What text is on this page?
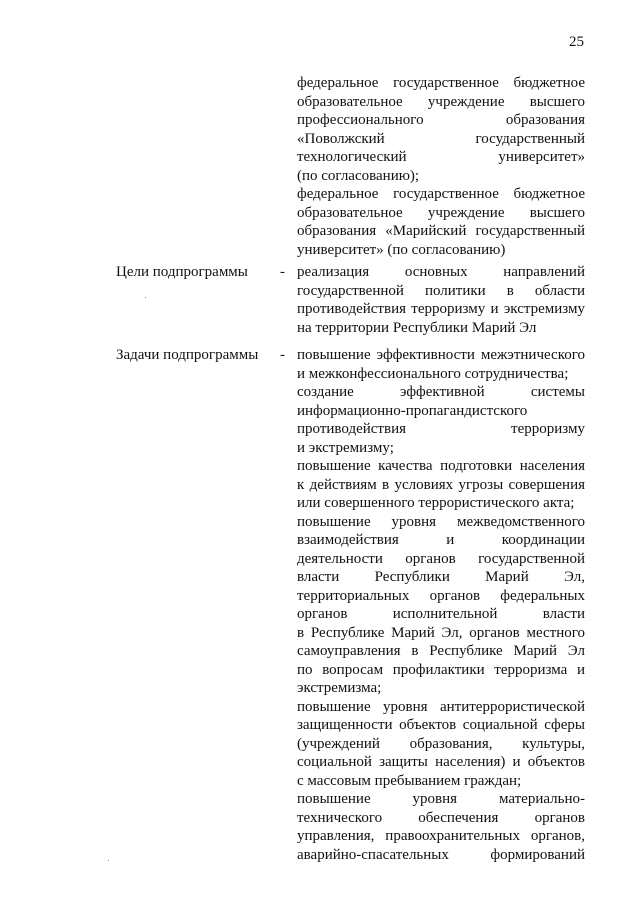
25
федеральное государственное бюджетное
образовательное учреждение высшего
профессионального образования
«Поволжский государственный
технологический университет»
(по согласованию);
федеральное государственное бюджетное
образовательное учреждение высшего
образования «Марийский государственный
университет» (по согласованию)
Цели подпрограммы - реализация основных направлений
государственной политики в области
противодействия терроризму и экстремизму
на территории Республики Марий Эл
Задачи подпрограммы - повышение эффективности межэтнического
и межконфессионального сотрудничества;
создание эффективной системы
информационно-пропагандистского
противодействия терроризму
и экстремизму;
повышение качества подготовки населения
к действиям в условиях угрозы совершения
или совершенного террористического акта;
повышение уровня межведомственного
взаимодействия и координации
деятельности органов государственной
власти Республики Марий Эл,
территориальных органов федеральных
органов исполнительной власти
в Республике Марий Эл, органов местного
самоуправления в Республике Марий Эл
по вопросам профилактики терроризма и
экстремизма;
повышение уровня антитеррористической
защищенности объектов социальной сферы
(учреждений образования, культуры,
социальной защиты населения) и объектов
с массовым пребыванием граждан;
повышение уровня материально-
технического обеспечения органов
управления, правоохранительных органов,
аварийно-спасательных формирований
